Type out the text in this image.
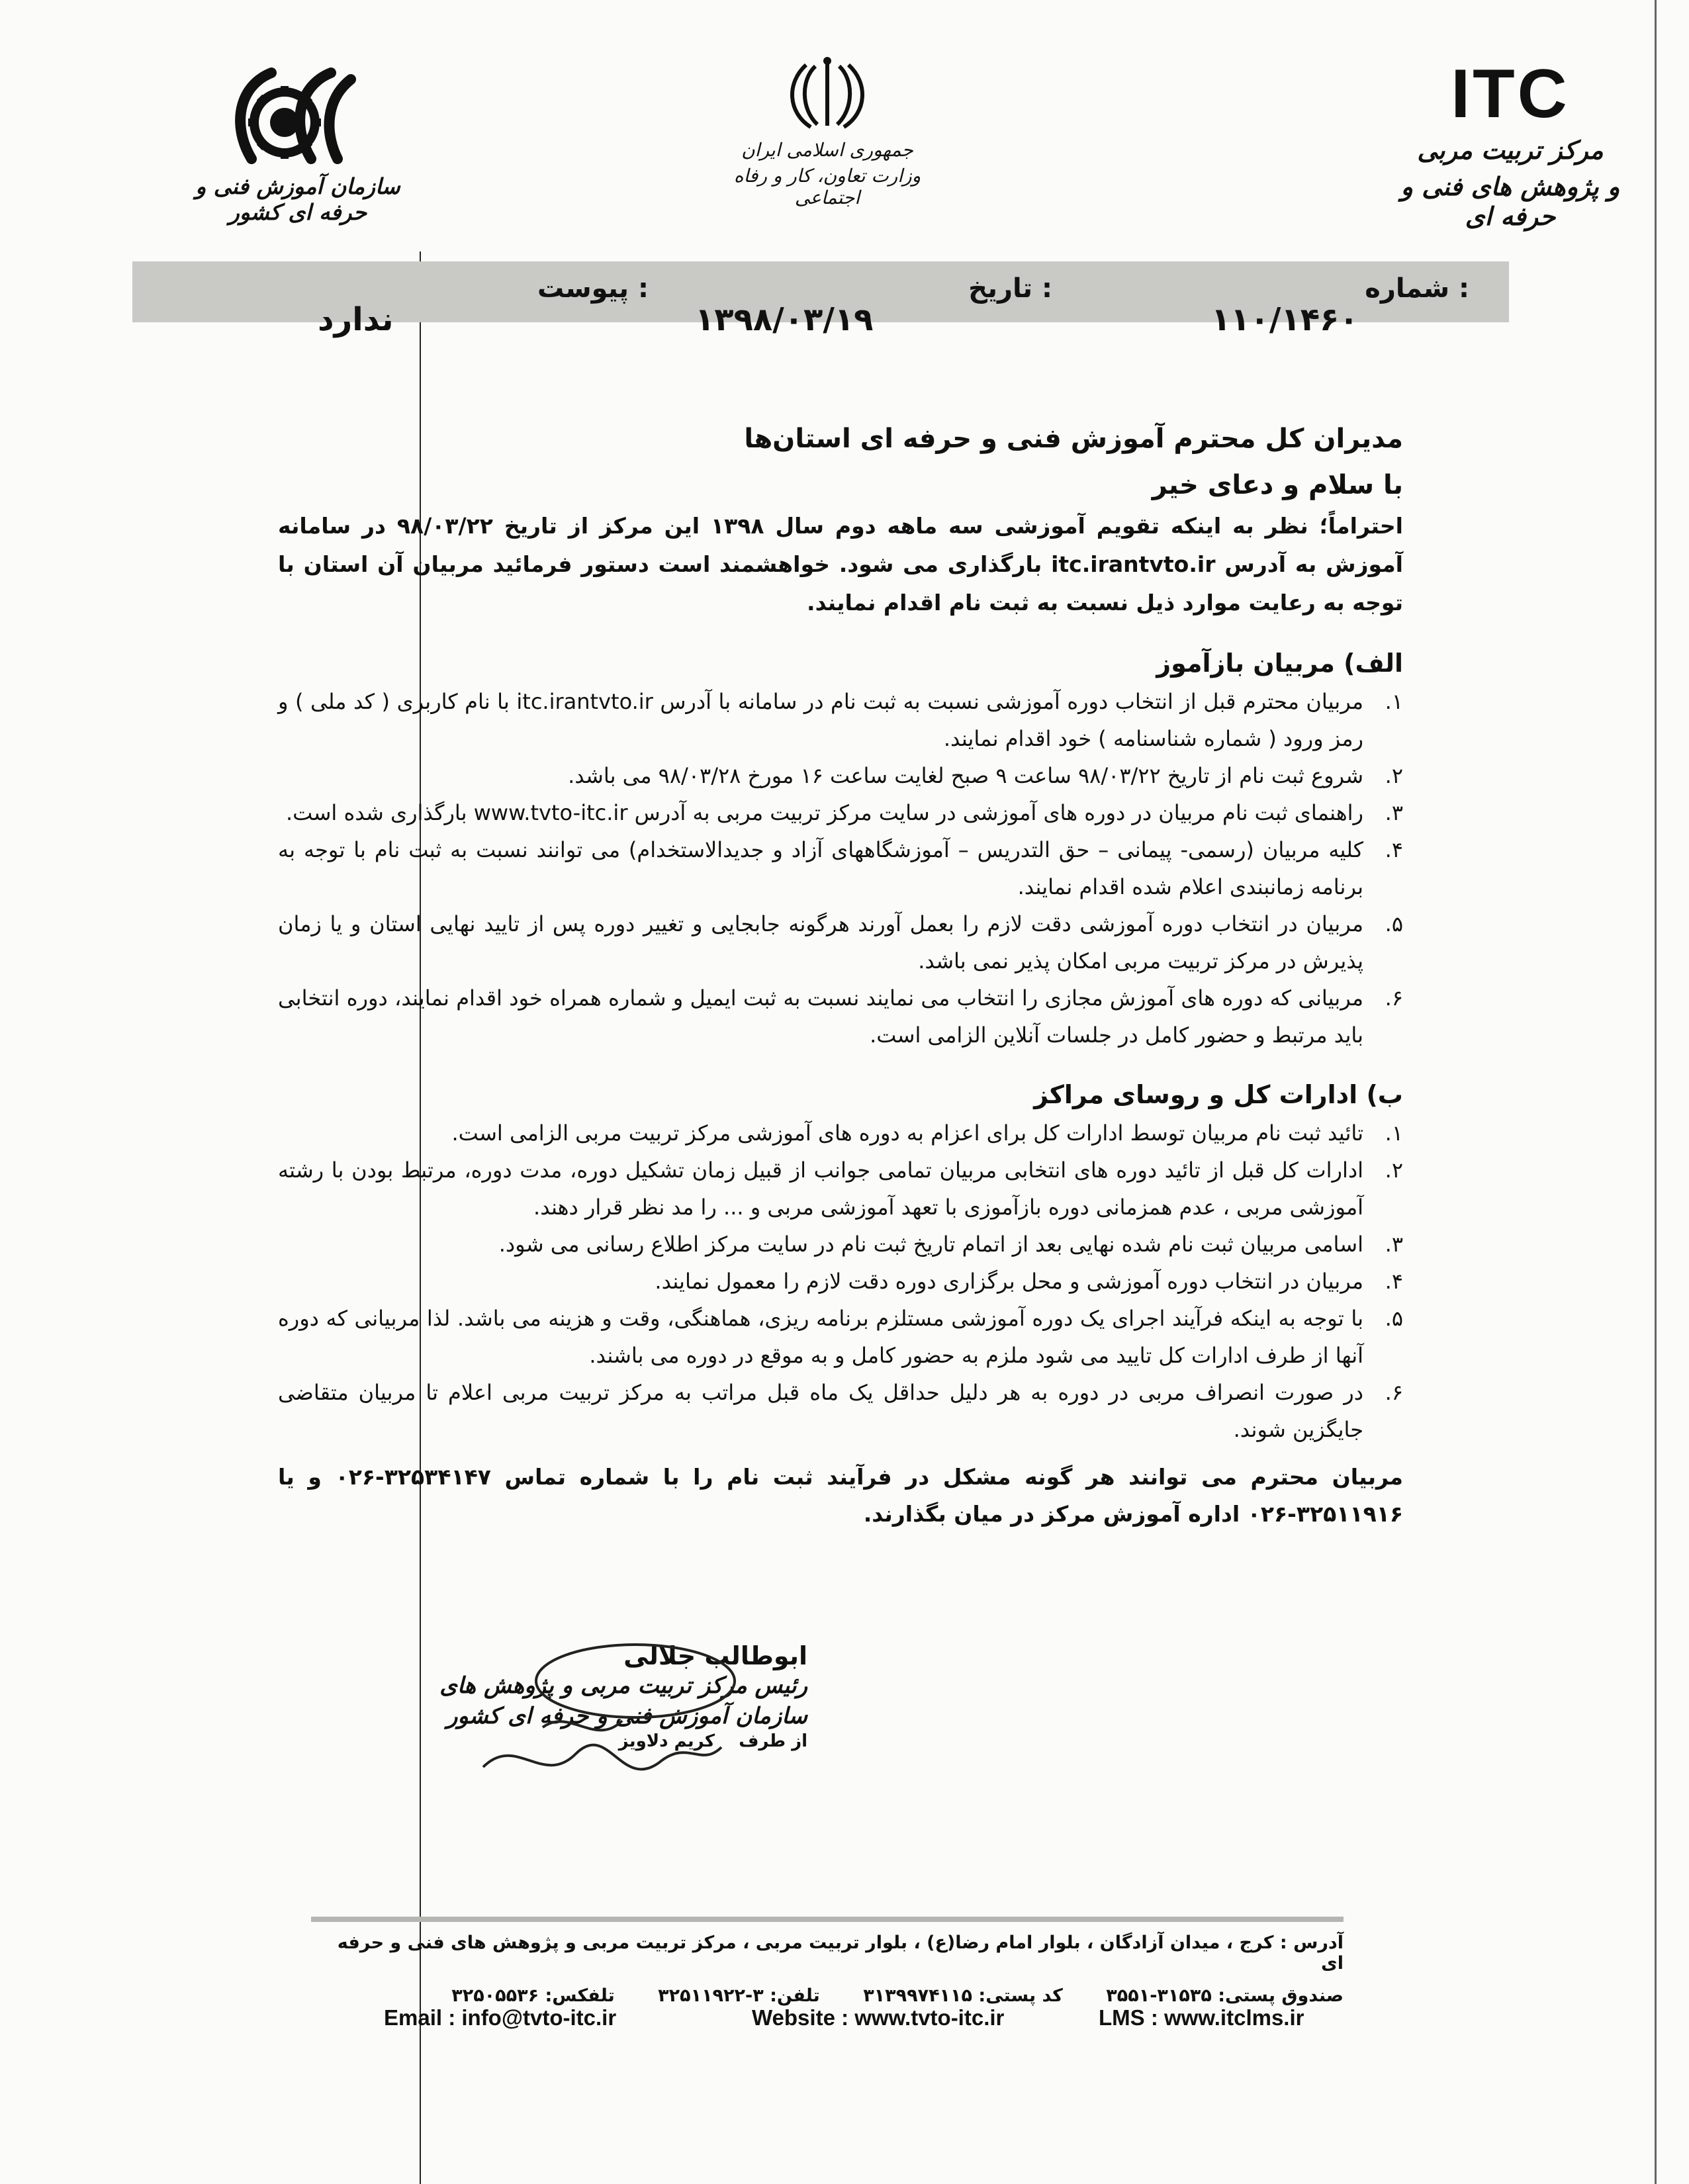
ITC
مرکز تربیت مربی
و پژوهش های فنی و حرفه ای
جمهوری اسلامی ایران
وزارت تعاون، کار و رفاه اجتماعی
سازمان آموزش فنی و حرفه ای کشور
شماره :
تاریخ :
پیوست :
۱۱۰/۱۴۶۰
۱۳۹۸/۰۳/۱۹
ندارد
مدیران کل محترم آموزش فنی و حرفه ای استان‌ها
با سلام و دعای خیر
احتراماً؛ نظر به اینکه تقویم آموزشی سه ماهه دوم سال ۱۳۹۸ این مرکز از تاریخ ۹۸/۰۳/۲۲ در سامانه آموزش به آدرس itc.irantvto.ir بارگذاری می شود. خواهشمند است دستور فرمائید مربیان آن استان با توجه به رعایت موارد ذیل نسبت به ثبت نام اقدام نمایند.
الف) مربیان بازآموز
۱.
مربیان محترم قبل از انتخاب دوره آموزشی نسبت به ثبت نام در سامانه با آدرس itc.irantvto.ir با نام کاربری ( کد ملی ) و رمز ورود ( شماره شناسنامه ) خود اقدام نمایند.
۲.
شروع ثبت نام از تاریخ ۹۸/۰۳/۲۲ ساعت ۹ صبح لغایت ساعت ۱۶ مورخ ۹۸/۰۳/۲۸ می باشد.
۳.
راهنمای ثبت نام مربیان در دوره های آموزشی در سایت مرکز تربیت مربی به آدرس www.tvto-itc.ir بارگذاری شده است.
۴.
کلیه مربیان (رسمی- پیمانی – حق التدریس – آموزشگاههای آزاد و جدیدالاستخدام) می توانند نسبت به ثبت نام با توجه به برنامه زمانبندی اعلام شده اقدام نمایند.
۵.
مربیان در انتخاب دوره آموزشی دقت لازم را بعمل آورند هرگونه جابجایی و تغییر دوره پس از تایید نهایی استان و یا زمان پذیرش در مرکز تربیت مربی امکان پذیر نمی باشد.
۶.
مربیانی که دوره های آموزش مجازی را انتخاب می نمایند نسبت به ثبت ایمیل و شماره همراه خود اقدام نمایند، دوره انتخابی باید مرتبط و حضور کامل در جلسات آنلاین الزامی است.
ب) ادارات کل و روسای مراکز
۱.
تائید ثبت نام مربیان توسط ادارات کل برای اعزام به دوره های آموزشی مرکز تربیت مربی الزامی است.
۲.
ادارات کل قبل از تائید دوره های انتخابی مربیان تمامی جوانب از قبیل زمان تشکیل دوره، مدت دوره، مرتبط بودن با رشته آموزشی مربی ، عدم همزمانی دوره بازآموزی با تعهد آموزشی مربی و ... را مد نظر قرار دهند.
۳.
اسامی مربیان ثبت نام شده نهایی بعد از اتمام تاریخ ثبت نام در سایت مرکز اطلاع رسانی می شود.
۴.
مربیان در انتخاب دوره آموزشی و محل برگزاری دوره دقت لازم را معمول نمایند.
۵.
با توجه به اینکه فرآیند اجرای یک دوره آموزشی مستلزم برنامه ریزی، هماهنگی، وقت و هزینه می باشد. لذا مربیانی که دوره آنها از طرف ادارات کل تایید می شود ملزم به حضور کامل و به موقع در دوره می باشند.
۶.
در صورت انصراف مربی در دوره به هر دلیل حداقل یک ماه قبل مراتب به مرکز تربیت مربی اعلام تا مربیان متقاضی جایگزین شوند.
مربیان محترم می توانند هر گونه مشکل در فرآیند ثبت نام را با شماره تماس ۳۲۵۳۴۱۴۷-۰۲۶ و یا ۳۲۵۱۱۹۱۶-۰۲۶ اداره آموزش مرکز در میان بگذارند.
ابوطالب جلالی
رئیس مرکز تربیت مربی و پژوهش های
سازمان آموزش فنی و حرفه ای کشور
از طرف    کریم دلاویز
آدرس : کرج ، میدان آزادگان ، بلوار امام رضا(ع) ، بلوار تربیت مربی ، مرکز تربیت مربی و پژوهش های فنی و حرفه ای
صندوق پستی: ۳۱۵۳۵-۳۵۵۱ کد پستی: ۳۱۳۹۹۷۴۱۱۵ تلفن: ۳-۳۲۵۱۱۹۲۲ تلفکس: ۳۲۵۰۵۵۳۶
Email : info@tvto-itc.ir	Website : www.tvto-itc.ir	LMS : www.itclms.ir
